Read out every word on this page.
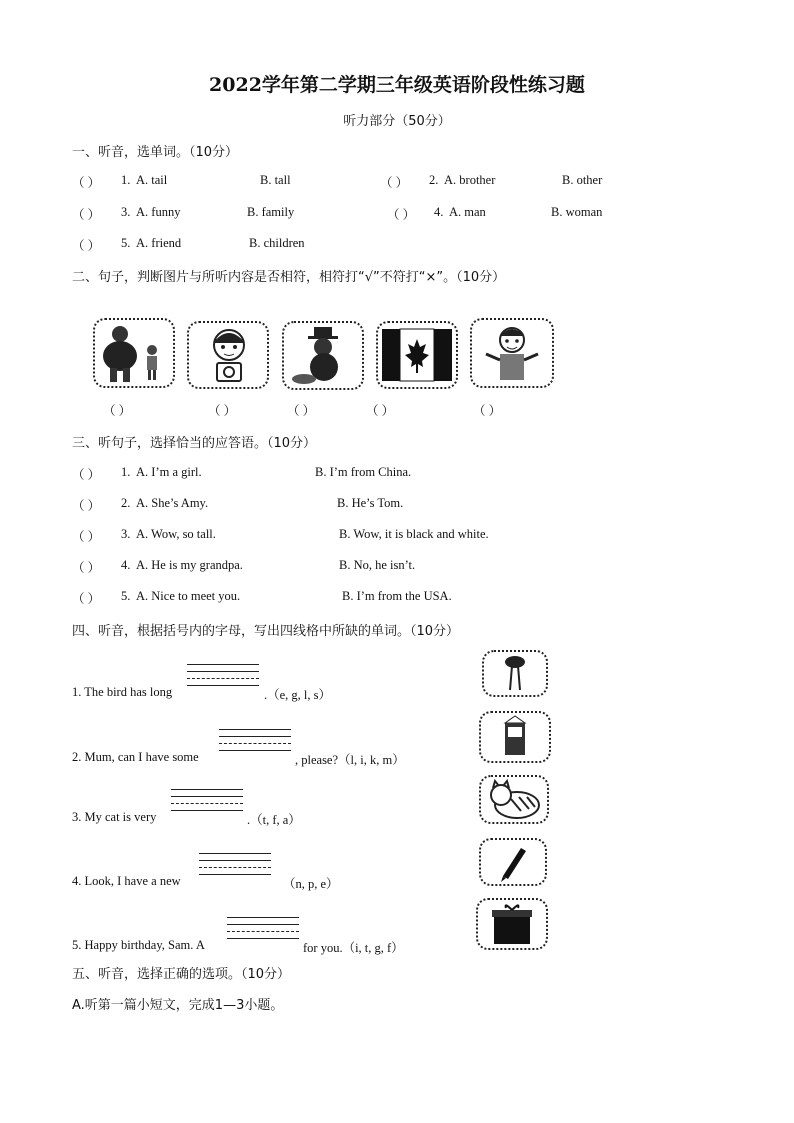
2022学年第二学期三年级英语阶段性练习题
听力部分（50分）
一、听音，选单词。（10分）
（ ） 1. A. tail	B. tall	（ ） 2. A. brother	B. other
（ ） 3. A. funny	B. family	（ ） 4. A. man	B. woman
（ ） 5. A. friend	B. children
二、句子，判断图片与所听内容是否相符，相符打“√”不符打“×”。（10分）
（ ）	（ ）	（ ）	（ ）	（ ）
三、听句子，选择恰当的应答语。（10分）
（ ） 1. A. I’m a girl.	B. I’m from China.
（ ） 2. A. She’s Amy.	B. He’s Tom.
（ ） 3. A. Wow, so tall.	B. Wow, it is black and white.
（ ） 4. A. He is my grandpa.	B. No, he isn’t.
（ ） 5. A. Nice to meet you.	B. I’m from the USA.
四、听音，根据括号内的字母，写出四线格中所缺的单词。（10分）
1. The bird has long	.（e, g, l, s）
2. Mum, can I have some	, please?（l, i, k, m）
3. My cat is very	.（t, f, a）
4. Look, I have a new	（n, p, e）
5. Happy birthday, Sam. A	for you.（i, t, g, f）
五、听音，选择正确的选项。（10分）
A.听第一篇小短文，完成1—3小题。
